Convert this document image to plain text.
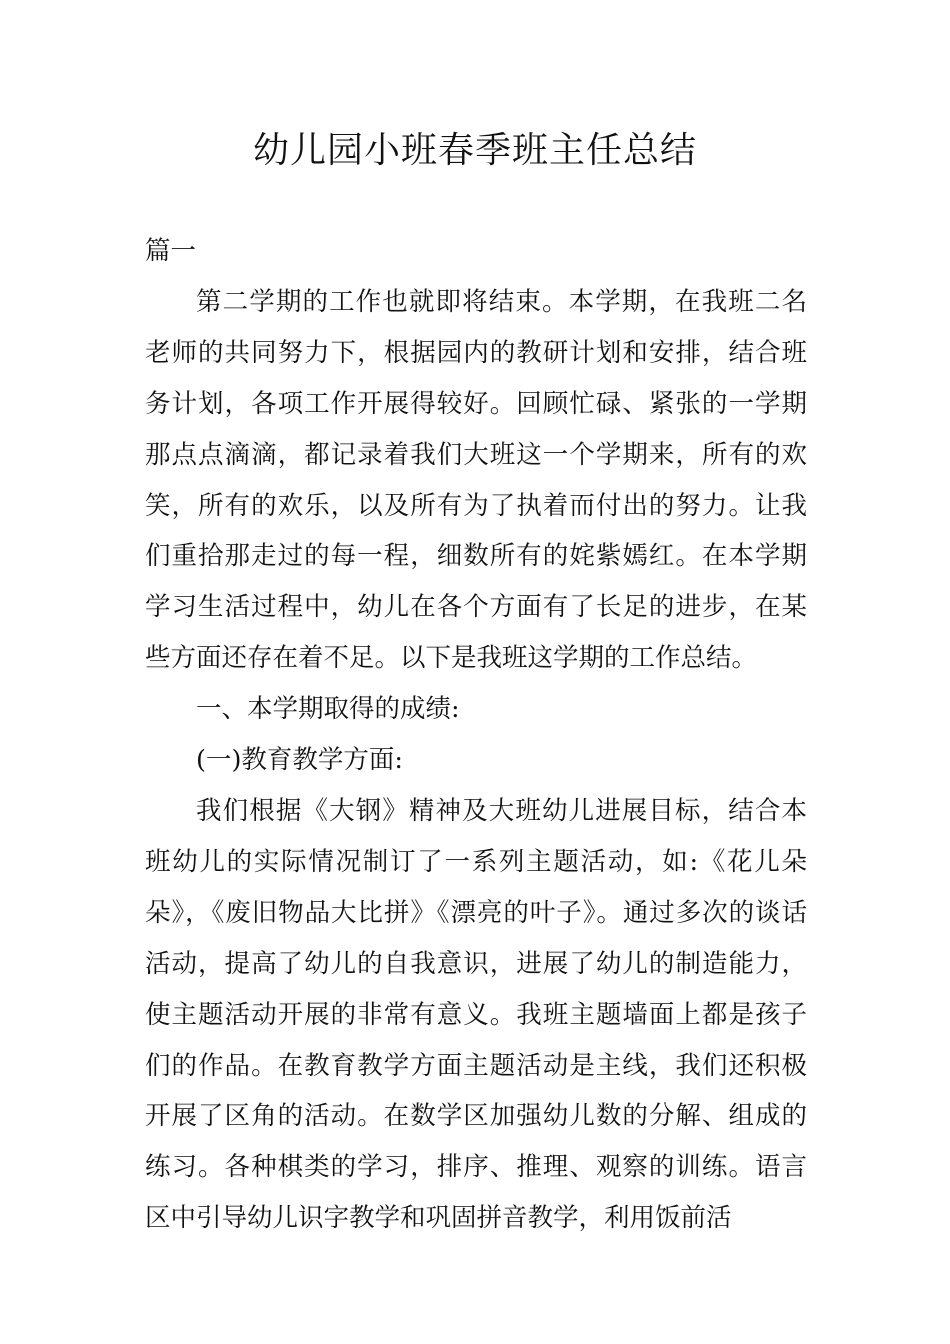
幼儿园小班春季班主任总结

篇一

第二学期的工作也就即将结束。本学期，在我班二名老师的共同努力下，根据园内的教研计划和安排，结合班务计划，各项工作开展得较好。回顾忙碌、紧张的一学期那点点滴滴，都记录着我们大班这一个学期来，所有的欢笑，所有的欢乐，以及所有为了执着而付出的努力。让我们重拾那走过的每一程，细数所有的姹紫嫣红。在本学期学习生活过程中，幼儿在各个方面有了长足的进步，在某些方面还存在着不足。以下是我班这学期的工作总结。

一、本学期取得的成绩:

(一)教育教学方面:

我们根据《大钢》精神及大班幼儿进展目标，结合本班幼儿的实际情况制订了一系列主题活动，如:《花儿朵朵》，《废旧物品大比拼》《漂亮的叶子》。通过多次的谈话活动，提高了幼儿的自我意识，进展了幼儿的制造能力，使主题活动开展的非常有意义。我班主题墙面上都是孩子们的作品。在教育教学方面主题活动是主线，我们还积极开展了区角的活动。在数学区加强幼儿数的分解、组成的练习。各种棋类的学习，排序、推理、观察的训练。语言区中引导幼儿识字教学和巩固拼音教学，利用饭前活
